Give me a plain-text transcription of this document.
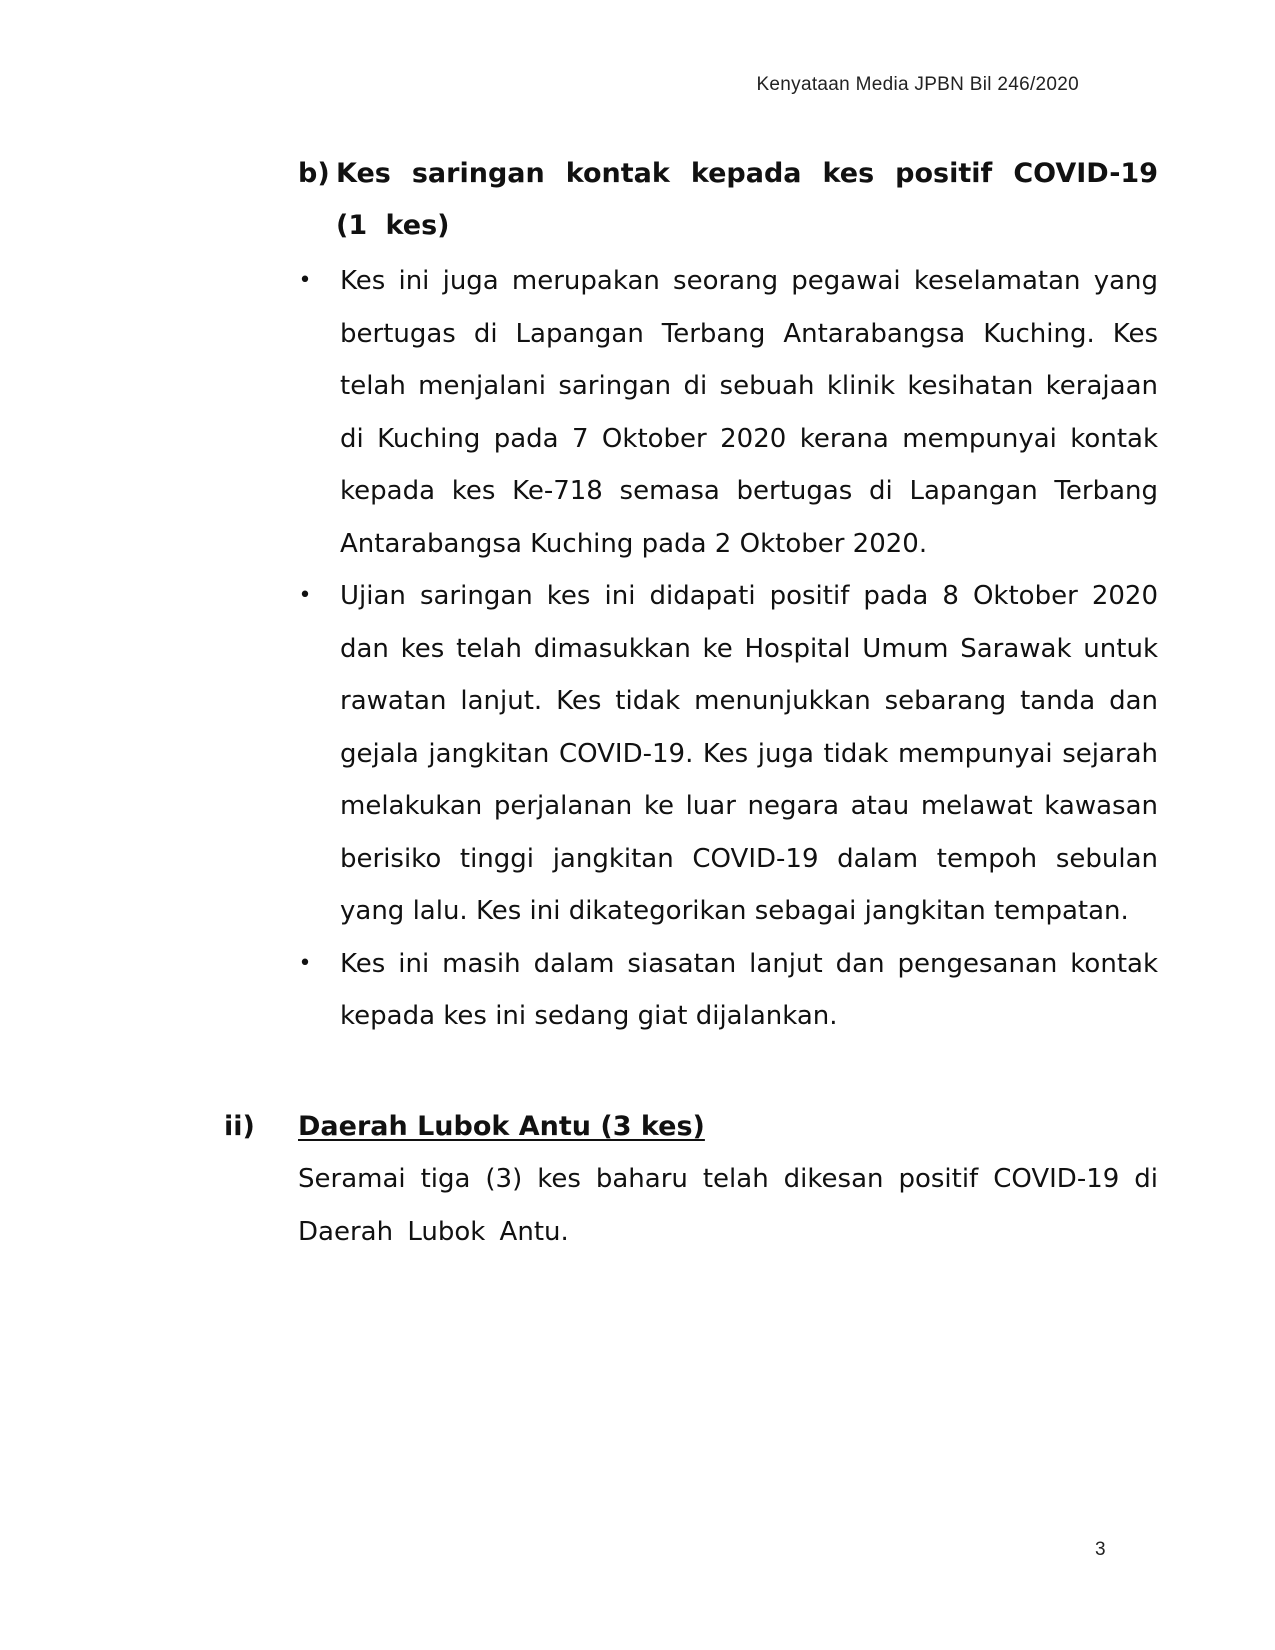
Kenyataan Media JPBN Bil 246/2020
b) Kes saringan kontak kepada kes positif COVID-19 (1 kes)
• Kes ini juga merupakan seorang pegawai keselamatan yang bertugas di Lapangan Terbang Antarabangsa Kuching. Kes telah menjalani saringan di sebuah klinik kesihatan kerajaan di Kuching pada 7 Oktober 2020 kerana mempunyai kontak kepada kes Ke-718 semasa bertugas di Lapangan Terbang Antarabangsa Kuching pada 2 Oktober 2020.
• Ujian saringan kes ini didapati positif pada 8 Oktober 2020 dan kes telah dimasukkan ke Hospital Umum Sarawak untuk rawatan lanjut. Kes tidak menunjukkan sebarang tanda dan gejala jangkitan COVID-19. Kes juga tidak mempunyai sejarah melakukan perjalanan ke luar negara atau melawat kawasan berisiko tinggi jangkitan COVID-19 dalam tempoh sebulan yang lalu. Kes ini dikategorikan sebagai jangkitan tempatan.
• Kes ini masih dalam siasatan lanjut dan pengesanan kontak kepada kes ini sedang giat dijalankan.
ii) Daerah Lubok Antu (3 kes)
Seramai tiga (3) kes baharu telah dikesan positif COVID-19 di Daerah Lubok Antu.
3
